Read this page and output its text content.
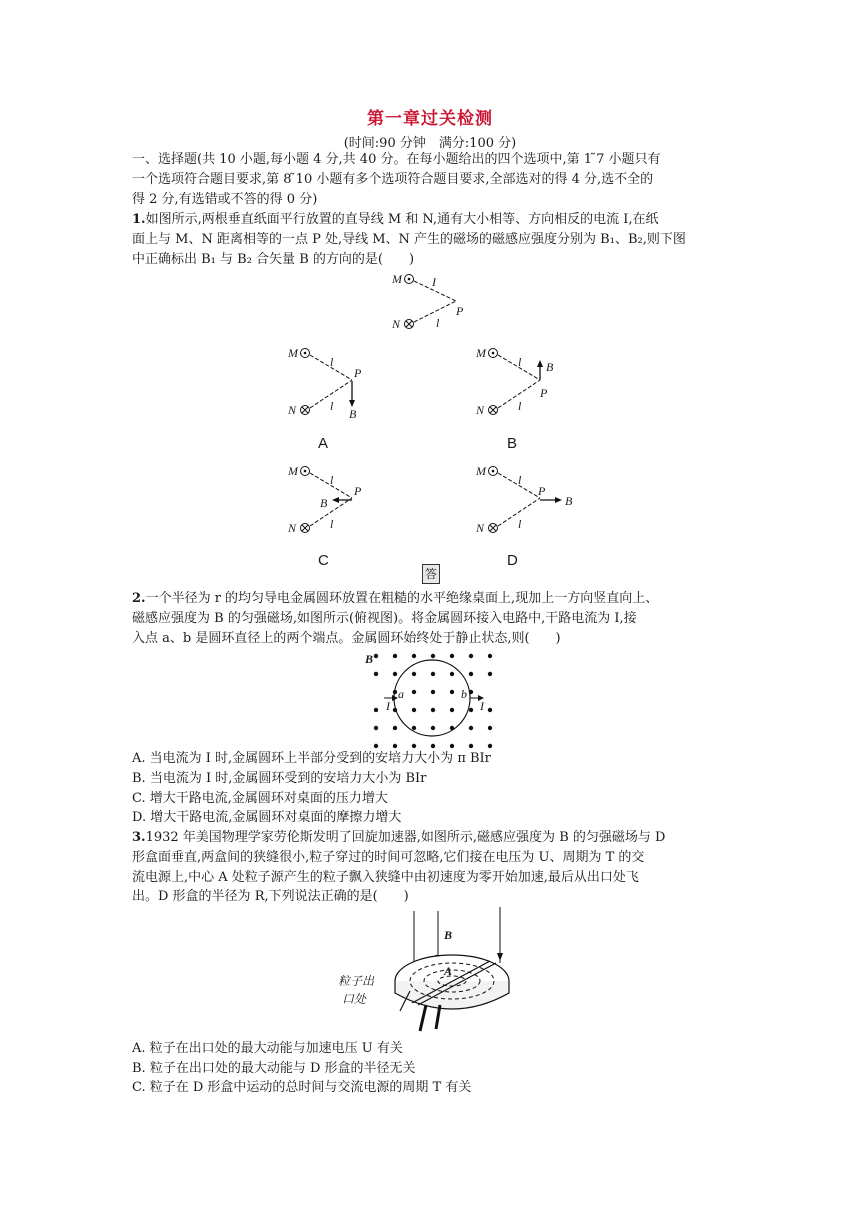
第一章过关检测
(时间:90 分钟　满分:100 分)
一、选择题(共 10 小题,每小题 4 分,共 40 分。在每小题给出的四个选项中,第 1 ̃7 小题只有
一个选项符合题目要求,第 8 ̃10 小题有多个选项符合题目要求,全部选对的得 4 分,选不全的
得 2 分,有选错或不答的得 0 分)
1.如图所示,两根垂直纸面平行放置的直导线 M 和 N,通有大小相等、方向相反的电流 I,在纸
面上与 M、N 距离相等的一点 P 处,导线 M、N 产生的磁场的磁感应强度分别为 B₁、B₂,则下图
中正确标出 B₁ 与 B₂ 合矢量 B 的方向的是(　　)
M
N
I
l
P
M
N
l
l
P
B
A
M
N
l
l
P
B
B
M
N
l
l
P
B
C
M
N
l
l
P
B
D
答
2.一个半径为 r 的均匀导电金属圆环放置在粗糙的水平绝缘桌面上,现加上一方向竖直向上、
磁感应强度为 B 的匀强磁场,如图所示(俯视图)。将金属圆环接入电路中,干路电流为 I,接
入点 a、b 是圆环直径上的两个端点。金属圆环始终处于静止状态,则(　　)
B
I	I
a	b
A. 当电流为 I 时,金属圆环上半部分受到的安培力大小为 π BIr
B. 当电流为 I 时,金属圆环受到的安培力大小为 BIr
C. 增大干路电流,金属圆环对桌面的压力增大
D. 增大干路电流,金属圆环对桌面的摩擦力增大
3.1932 年美国物理学家劳伦斯发明了回旋加速器,如图所示,磁感应强度为 B 的匀强磁场与 D
形盒面垂直,两盒间的狭缝很小,粒子穿过的时间可忽略,它们接在电压为 U、周期为 T 的交
流电源上,中心 A 处粒子源产生的粒子飘入狭缝中由初速度为零开始加速,最后从出口处飞
出。D 形盒的半径为 R,下列说法正确的是(　　)
B
A
粒子出
口处
A. 粒子在出口处的最大动能与加速电压 U 有关
B. 粒子在出口处的最大动能与 D 形盒的半径无关
C. 粒子在 D 形盒中运动的总时间与交流电源的周期 T 有关
